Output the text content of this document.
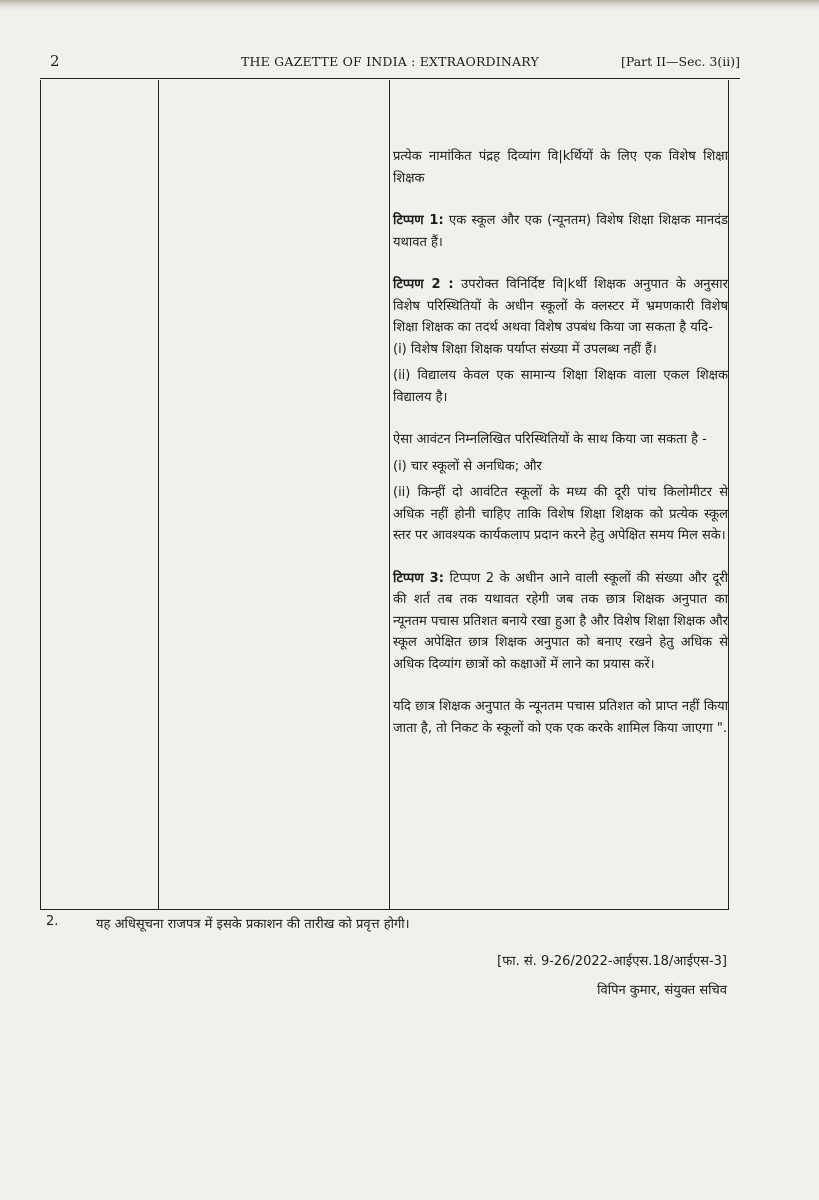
2	THE GAZETTE OF INDIA : EXTRAORDINARY	[Part II—Sec. 3(ii)]

प्रत्येक नामांकित पंद्रह दिव्यांग वि|kर्थियों के लिए एक विशेष शिक्षा शिक्षक

टिप्पण 1: एक स्कूल और एक (न्यूनतम) विशेष शिक्षा शिक्षक मानदंड यथावत हैं।

टिप्पण 2 : उपरोक्त विनिर्दिष्ट वि|kर्थी शिक्षक अनुपात के अनुसार विशेष परिस्थितियों के अधीन स्कूलों के क्लस्टर में भ्रमणकारी विशेष शिक्षा शिक्षक का तदर्थ अथवा विशेष उपबंध किया जा सकता है यदि-

(i) विशेष शिक्षा शिक्षक पर्याप्त संख्या में उपलब्ध नहीं हैं।

(ii) विद्यालय केवल एक सामान्य शिक्षा शिक्षक वाला एकल शिक्षक विद्यालय है।

ऐसा आवंटन निम्नलिखित परिस्थितियों के साथ किया जा सकता है -

(i) चार स्कूलों से अनधिक; और

(ii) किन्हीं दो आवंटित स्कूलों के मध्य की दूरी पांच किलोमीटर से अधिक नहीं होनी चाहिए ताकि विशेष शिक्षा शिक्षक को प्रत्येक स्कूल स्तर पर आवश्यक कार्यकलाप प्रदान करने हेतु अपेक्षित समय मिल सके।

टिप्पण 3: टिप्पण 2 के अधीन आने वाली स्कूलों की संख्या और दूरी की शर्त तब तक यथावत रहेगी जब तक छात्र शिक्षक अनुपात का न्यूनतम पचास प्रतिशत बनाये रखा हुआ है और विशेष शिक्षा शिक्षक और स्कूल अपेक्षित छात्र शिक्षक अनुपात को बनाए रखने हेतु अधिक से अधिक दिव्यांग छात्रों को कक्षाओं में लाने का प्रयास करें।

यदि छात्र शिक्षक अनुपात के न्यूनतम पचास प्रतिशत को प्राप्त नहीं किया जाता है, तो निकट के स्कूलों को एक एक करके शामिल किया जाएगा ".

2.	यह अधिसूचना राजपत्र में इसके प्रकाशन की तारीख को प्रवृत्त होगी।
[फा. सं. 9-26/2022-आईएस.18/आईएस-3]
विपिन कुमार, संयुक्त सचिव
